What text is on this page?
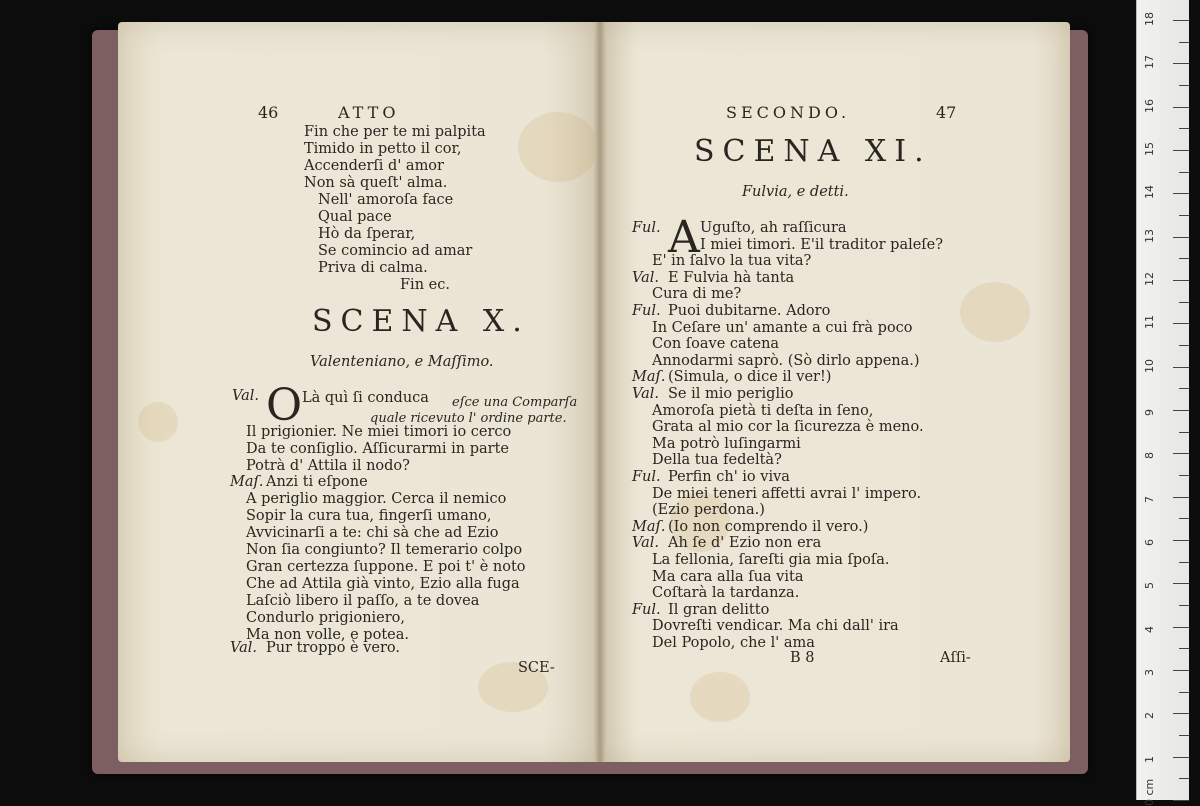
46	ATTO
Fin che per te mi palpita
Timido in petto il cor,
Accenderſi d' amor
Non sà queſt' alma.
Nell' amoroſa face
Qual pace
Hò da ſperar,
Se comincio ad amar
Priva di calma.
Fin ec.
SCENA X.
Valenteniano, e Maſſimo.
Val. O Là quì ſi conduca eſce una Comparſa
quale ricevuto l' ordine parte.
Il prigionier. Ne miei timori io cerco
Da te conſiglio. Aſſicurarmi in parte
Potrà d' Attila il nodo?
Maſ. Anzi ti eſpone
A periglio maggior. Cerca il nemico
Sopir la cura tua, fingerſi umano,
Avvicinarſi a te: chi sà che ad Ezio
Non ſia congiunto? Il temerario colpo
Gran certezza ſuppone. E poi t' è noto
Che ad Attila già vinto, Ezio alla fuga
Laſciò libero il paſſo, a te dovea
Condurlo prigioniero,
Ma non volle, e potea.
Val. Pur troppo è vero.
SCE-
SECONDO.	47
SCENA XI.
Fulvia, e detti.
Ful. A Uguſto, ah raſſicura
I miei timori. E'il traditor paleſe?
E' in ſalvo la tua vita?
Val. E Fulvia hà tanta
Cura di me?
Ful. Puoi dubitarne. Adoro
In Ceſare un' amante a cui frà poco
Con ſoave catena
Annodarmi saprò. (Sò dirlo appena.)
Maſ. (Simula, o dice il ver!)
Val. Se il mio periglio
Amoroſa pietà ti deſta in ſeno,
Grata al mio cor la ſicurezza è meno.
Ma potrò luſingarmi
Della tua fedeltà?
Ful. Perfin ch' io viva
De miei teneri affetti avrai l' impero.
(Ezio perdona.)
Maſ. (Io non comprendo il vero.)
Val. Ah ſe d' Ezio non era
La fellonia, ſareſti gia mia ſpoſa.
Ma cara alla ſua vita
Coſtarà la tardanza.
Ful. Il gran delitto
Dovreſti vendicar. Ma chi dall' ira
Del Popolo, che l' ama
B 8	Aſſi-
18
17
16
15
14
13
12
11
10
9
8
7
6
5
4
3
2
1
0 cm
